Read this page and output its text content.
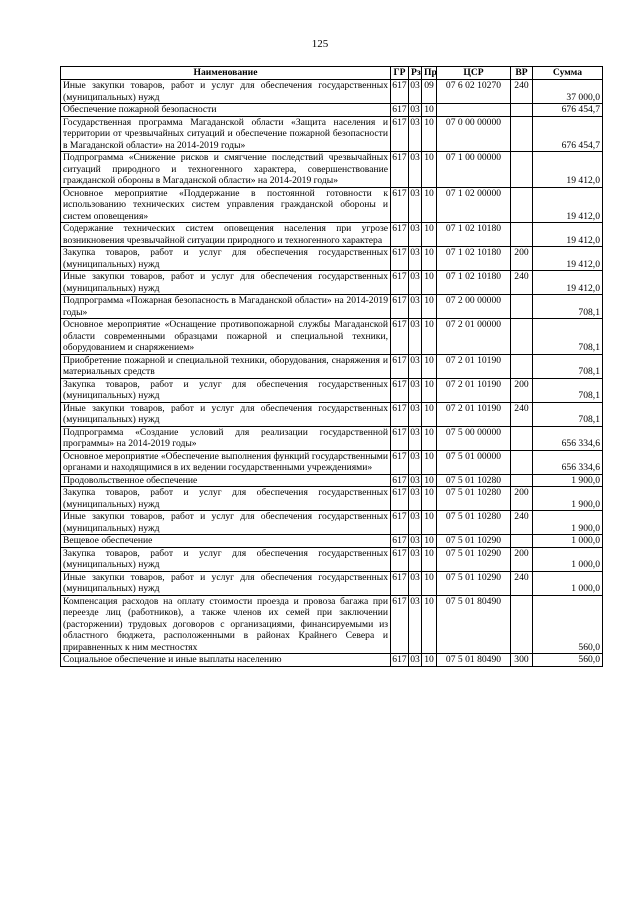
125
Наименование	ГР	Рз	Пр	ЦСР	ВР	Сумма
Иные закупки товаров, работ и услуг для обеспечения государственных (муниципальных) нужд	617	03	09	07 6 02 10270	240	37 000,0
Обеспечение пожарной безопасности	617	03	10			676 454,7
Государственная программа Магаданской области «Защита населения и территории от чрезвычайных ситуаций и обеспечение пожарной безопасности в Магаданской области» на 2014-2019 годы»	617	03	10	07 0 00 00000		676 454,7
Подпрограмма «Снижение рисков и смягчение последствий чрезвычайных ситуаций природного и техногенного характера, совершенствование гражданской обороны в Магаданской области» на 2014-2019 годы»	617	03	10	07 1 00 00000		19 412,0
Основное мероприятие «Поддержание в постоянной готовности к использованию технических систем управления гражданской обороны и систем оповещения»	617	03	10	07 1 02 00000		19 412,0
Содержание технических систем оповещения населения при угрозе возникновения чрезвычайной ситуации природного и техногенного характера	617	03	10	07 1 02 10180		19 412,0
Закупка товаров, работ и услуг для обеспечения государственных (муниципальных) нужд	617	03	10	07 1 02 10180	200	19 412,0
Иные закупки товаров, работ и услуг для обеспечения государственных (муниципальных) нужд	617	03	10	07 1 02 10180	240	19 412,0
Подпрограмма «Пожарная безопасность в Магаданской области» на 2014-2019 годы»	617	03	10	07 2 00 00000		708,1
Основное мероприятие «Оснащение противопожарной службы Магаданской области современными образцами пожарной и специальной техники, оборудованием и снаряжением»	617	03	10	07 2 01 00000		708,1
Приобретение пожарной и специальной техники, оборудования, снаряжения и материальных средств	617	03	10	07 2 01 10190		708,1
Закупка товаров, работ и услуг для обеспечения государственных (муниципальных) нужд	617	03	10	07 2 01 10190	200	708,1
Иные закупки товаров, работ и услуг для обеспечения государственных (муниципальных) нужд	617	03	10	07 2 01 10190	240	708,1
Подпрограмма «Создание условий для реализации государственной программы» на 2014-2019 годы»	617	03	10	07 5 00 00000		656 334,6
Основное мероприятие «Обеспечение выполнения функций государственными органами и находящимися в их ведении государственными учреждениями»	617	03	10	07 5 01 00000		656 334,6
Продовольственное обеспечение	617	03	10	07 5 01 10280		1 900,0
Закупка товаров, работ и услуг для обеспечения государственных (муниципальных) нужд	617	03	10	07 5 01 10280	200	1 900,0
Иные закупки товаров, работ и услуг для обеспечения государственных (муниципальных) нужд	617	03	10	07 5 01 10280	240	1 900,0
Вещевое обеспечение	617	03	10	07 5 01 10290		1 000,0
Закупка товаров, работ и услуг для обеспечения государственных (муниципальных) нужд	617	03	10	07 5 01 10290	200	1 000,0
Иные закупки товаров, работ и услуг для обеспечения государственных (муниципальных) нужд	617	03	10	07 5 01 10290	240	1 000,0
Компенсация расходов на оплату стоимости проезда и провоза багажа при переезде лиц (работников), а также членов их семей при заключении (расторжении) трудовых договоров с организациями, финансируемыми из областного бюджета, расположенными в районах Крайнего Севера и приравненных к ним местностях	617	03	10	07 5 01 80490		560,0
Социальное обеспечение и иные выплаты населению	617	03	10	07 5 01 80490	300	560,0
